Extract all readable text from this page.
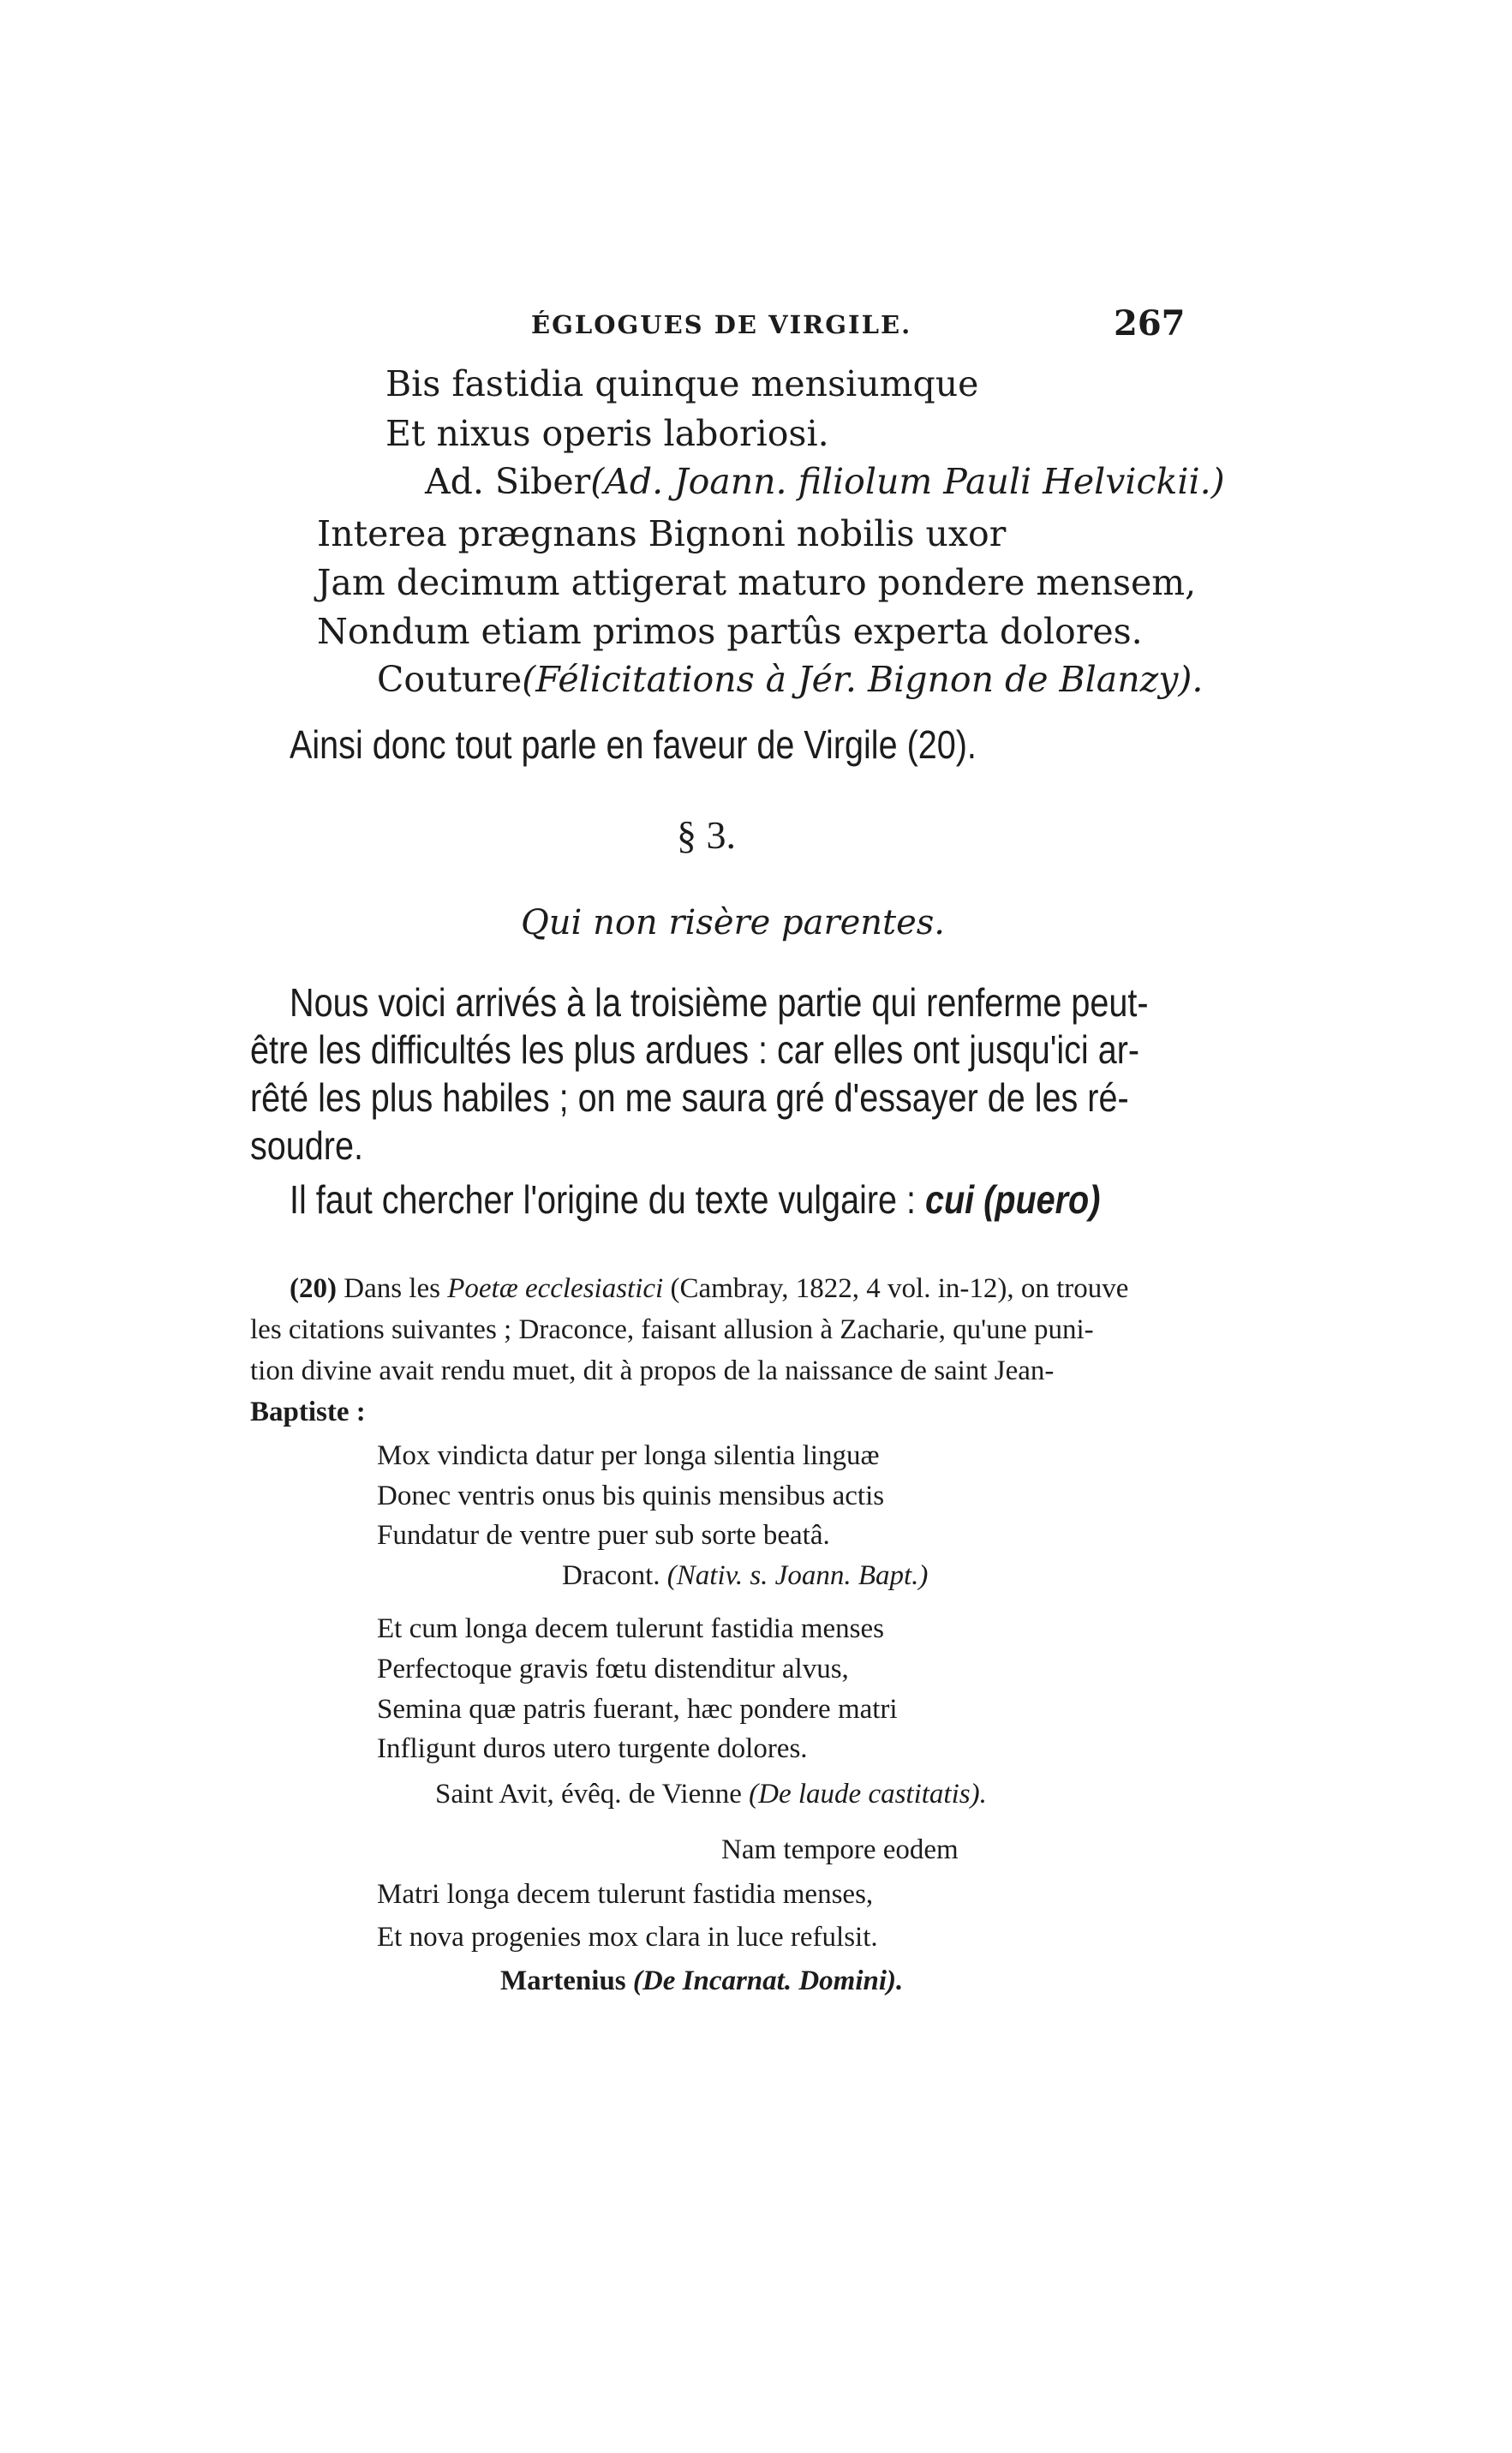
ÉGLOGUES DE VIRGILE.	267
Bis fastidia quinque mensiumque
Et nixus operis laboriosi.
Ad. Siber(Ad. Joann. filiolum Pauli Helvickii.)
Interea prægnans Bignoni nobilis uxor
Jam decimum attigerat maturo pondere mensem,
Nondum etiam primos partûs experta dolores.
Couture(Félicitations à Jér. Bignon de Blanzy).
Ainsi donc tout parle en faveur de Virgile (20).
§ 3.
Qui non risère parentes.
Nous voici arrivés à la troisième partie qui renferme peut-
être les difficultés les plus ardues : car elles ont jusqu'ici ar-
rêté les plus habiles ; on me saura gré d'essayer de les ré-
soudre.
Il faut chercher l'origine du texte vulgaire : cui (puero)
(20) Dans les Poetæ ecclesiastici (Cambray, 1822, 4 vol. in-12), on trouve
les citations suivantes ; Draconce, faisant allusion à Zacharie, qu'une puni-
tion divine avait rendu muet, dit à propos de la naissance de saint Jean-
Baptiste :
Mox vindicta datur per longa silentia linguæ
Donec ventris onus bis quinis mensibus actis
Fundatur de ventre puer sub sorte beatâ.
Dracont. (Nativ. s. Joann. Bapt.)
Et cum longa decem tulerunt fastidia menses
Perfectoque gravis fœtu distenditur alvus,
Semina quæ patris fuerant, hæc pondere matri
Infligunt duros utero turgente dolores.
Saint Avit, évêq. de Vienne (De laude castitatis).
Nam tempore eodem
Matri longa decem tulerunt fastidia menses,
Et nova progenies mox clara in luce refulsit.
Martenius (De Incarnat. Domini).
